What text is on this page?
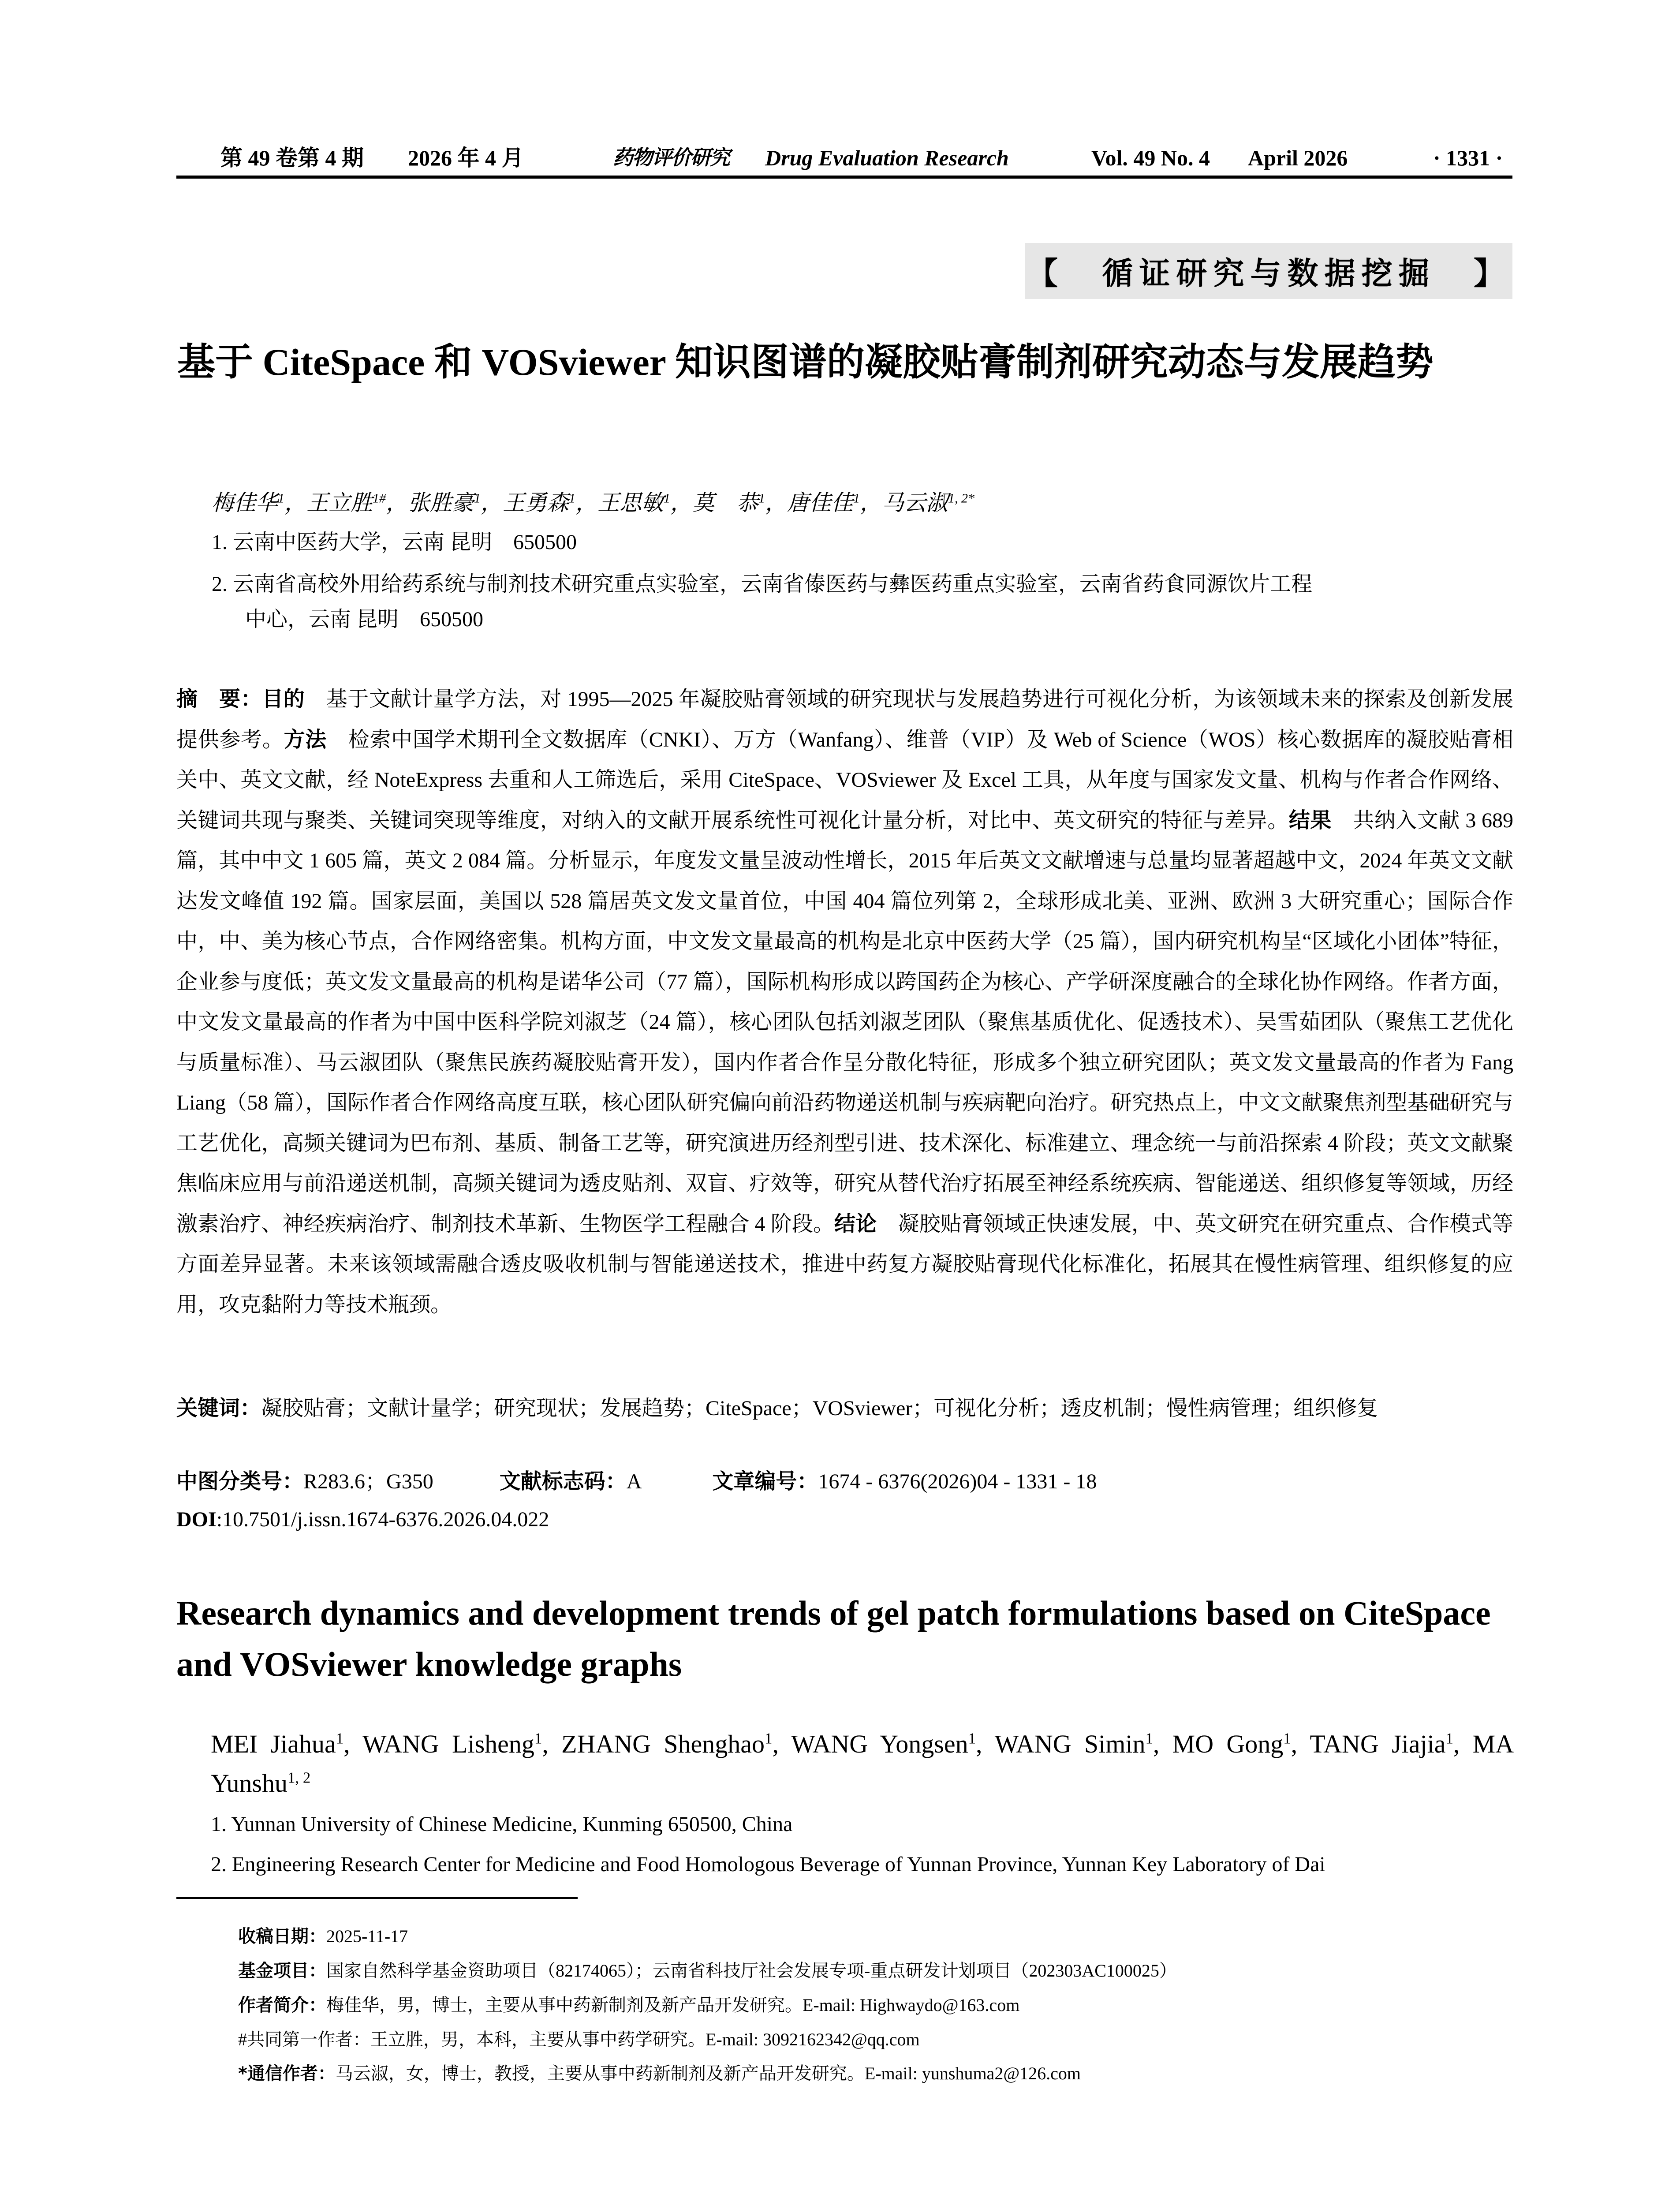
第 49 卷第 4 期 2026 年 4 月	药物评价研究 Drug Evaluation Research	Vol. 49 No. 4 April 2026	· 1331 ·
【 循证研究与数据挖掘 】
基于 CiteSpace 和 VOSviewer 知识图谱的凝胶贴膏制剂研究动态与发展趋势
梅佳华$^1$，王立胜$^{1\#}$，张胜豪$^1$，王勇森$^1$，王思敏$^1$，莫　恭$^1$，唐佳佳$^1$，马云淑$^{1, 2*}$
1. 云南中医药大学，云南 昆明　650500
2. 云南省高校外用给药系统与制剂技术研究重点实验室，云南省傣医药与彝医药重点实验室，云南省药食同源饮片工程
中心，云南 昆明　650500
摘　要：目的　 基于文献计量学方法，对 1995—2025 年凝胶贴膏领域的研究现状与发展趋势进行可视化分析，为该领域未来的探索及创新发展提供参考。方法　 检索中国学术期刊全文数据库（CNKI）、万方（Wanfang）、维普（VIP）及 Web of Science（WOS）核心数据库的凝胶贴膏相关中、英文文献，经 NoteExpress 去重和人工筛选后，采用 CiteSpace、VOSviewer 及 Excel 工具，从年度与国家发文量、机构与作者合作网络、关键词共现与聚类、关键词突现等维度，对纳入的文献开展系统性可视化计量分析，对比中、英文研究的特征与差异。结果　 共纳入文献 3 689 篇，其中中文 1 605 篇，英文 2 084 篇。分析显示，年度发文量呈波动性增长，2015 年后英文文献增速与总量均显著超越中文，2024 年英文文献达发文峰值 192 篇。国家层面，美国以 528 篇居英文发文量首位，中国 404 篇位列第 2，全球形成北美、亚洲、欧洲 3 大研究重心；国际合作中，中、美为核心节点，合作网络密集。机构方面，中文发文量最高的机构是北京中医药大学（25 篇），国内研究机构呈“区域化小团体”特征，企业参与度低；英文发文量最高的机构是诺华公司（77 篇），国际机构形成以跨国药企为核心、产学研深度融合的全球化协作网络。作者方面，中文发文量最高的作者为中国中医科学院刘淑芝（24 篇），核心团队包括刘淑芝团队（聚焦基质优化、促透技术）、吴雪茹团队（聚焦工艺优化与质量标准）、马云淑团队（聚焦民族药凝胶贴膏开发），国内作者合作呈分散化特征，形成多个独立研究团队；英文发文量最高的作者为 Fang Liang（58 篇），国际作者合作网络高度互联，核心团队研究偏向前沿药物递送机制与疾病靶向治疗。研究热点上，中文文献聚焦剂型基础研究与工艺优化，高频关键词为巴布剂、基质、制备工艺等，研究演进历经剂型引进、技术深化、标准建立、理念统一与前沿探索 4 阶段；英文文献聚焦临床应用与前沿递送机制，高频关键词为透皮贴剂、双盲、疗效等，研究从替代治疗拓展至神经系统疾病、智能递送、组织修复等领域，历经激素治疗、神经疾病治疗、制剂技术革新、生物医学工程融合 4 阶段。结论　 凝胶贴膏领域正快速发展，中、英文研究在研究重点、合作模式等方面差异显著。未来该领域需融合透皮吸收机制与智能递送技术，推进中药复方凝胶贴膏现代化标准化，拓展其在慢性病管理、组织修复的应用，攻克黏附力等技术瓶颈。
关键词：凝胶贴膏；文献计量学；研究现状；发展趋势；CiteSpace；VOSviewer；可视化分析；透皮机制；慢性病管理；组织修复
中图分类号：R283.6；G350	文献标志码：A	文章编号：1674 - 6376(2026)04 - 1331 - 18
DOI:10.7501/j.issn.1674-6376.2026.04.022
Research dynamics and development trends of gel patch formulations based on CiteSpace and VOSviewer knowledge graphs
MEI Jiahua$^1$, WANG Lisheng$^1$, ZHANG Shenghao$^1$, WANG Yongsen$^1$, WANG Simin$^1$, MO Gong$^1$, TANG Jiajia$^1$, MA Yunshu$^{1, 2}$
1. Yunnan University of Chinese Medicine, Kunming 650500, China
2. Engineering Research Center for Medicine and Food Homologous Beverage of Yunnan Province, Yunnan Key Laboratory of Dai
收稿日期：2025-11-17
基金项目：国家自然科学基金资助项目（82174065）；云南省科技厅社会发展专项-重点研发计划项目（202303AC100025）
作者简介：梅佳华，男，博士，主要从事中药新制剂及新产品开发研究。E-mail: Highwaydo@163.com
#共同第一作者：王立胜，男，本科，主要从事中药学研究。E-mail: 3092162342@qq.com
*通信作者：马云淑，女，博士，教授，主要从事中药新制剂及新产品开发研究。E-mail: yunshuma2@126.com
